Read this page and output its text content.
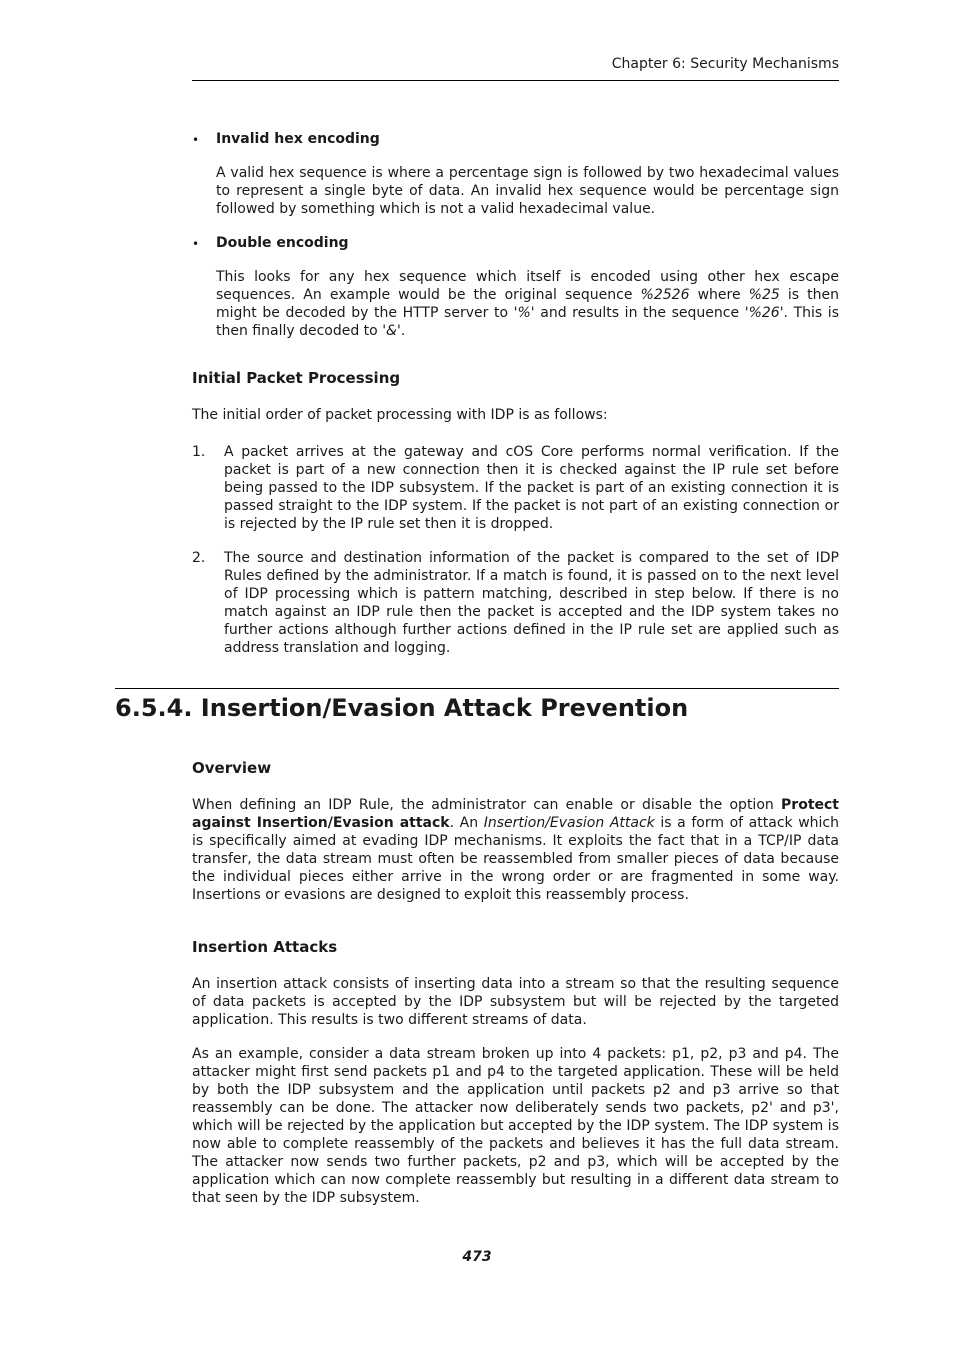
Chapter 6: Security Mechanisms
• Invalid hex encoding
A valid hex sequence is where a percentage sign is followed by two hexadecimal values to represent a single byte of data. An invalid hex sequence would be percentage sign followed by something which is not a valid hexadecimal value.
• Double encoding
This looks for any hex sequence which itself is encoded using other hex escape sequences. An example would be the original sequence %2526 where %25 is then might be decoded by the HTTP server to '%' and results in the sequence '%26'. This is then finally decoded to '&'.
Initial Packet Processing
The initial order of packet processing with IDP is as follows:
1. A packet arrives at the gateway and cOS Core performs normal verification. If the packet is part of a new connection then it is checked against the IP rule set before being passed to the IDP subsystem. If the packet is part of an existing connection it is passed straight to the IDP system. If the packet is not part of an existing connection or is rejected by the IP rule set then it is dropped.
2. The source and destination information of the packet is compared to the set of IDP Rules defined by the administrator. If a match is found, it is passed on to the next level of IDP processing which is pattern matching, described in step below. If there is no match against an IDP rule then the packet is accepted and the IDP system takes no further actions although further actions defined in the IP rule set are applied such as address translation and logging.
6.5.4. Insertion/Evasion Attack Prevention
Overview
When defining an IDP Rule, the administrator can enable or disable the option Protect against Insertion/Evasion attack. An Insertion/Evasion Attack is a form of attack which is specifically aimed at evading IDP mechanisms. It exploits the fact that in a TCP/IP data transfer, the data stream must often be reassembled from smaller pieces of data because the individual pieces either arrive in the wrong order or are fragmented in some way. Insertions or evasions are designed to exploit this reassembly process.
Insertion Attacks
An insertion attack consists of inserting data into a stream so that the resulting sequence of data packets is accepted by the IDP subsystem but will be rejected by the targeted application. This results is two different streams of data.
As an example, consider a data stream broken up into 4 packets: p1, p2, p3 and p4. The attacker might first send packets p1 and p4 to the targeted application. These will be held by both the IDP subsystem and the application until packets p2 and p3 arrive so that reassembly can be done. The attacker now deliberately sends two packets, p2' and p3', which will be rejected by the application but accepted by the IDP system. The IDP system is now able to complete reassembly of the packets and believes it has the full data stream. The attacker now sends two further packets, p2 and p3, which will be accepted by the application which can now complete reassembly but resulting in a different data stream to that seen by the IDP subsystem.
473
